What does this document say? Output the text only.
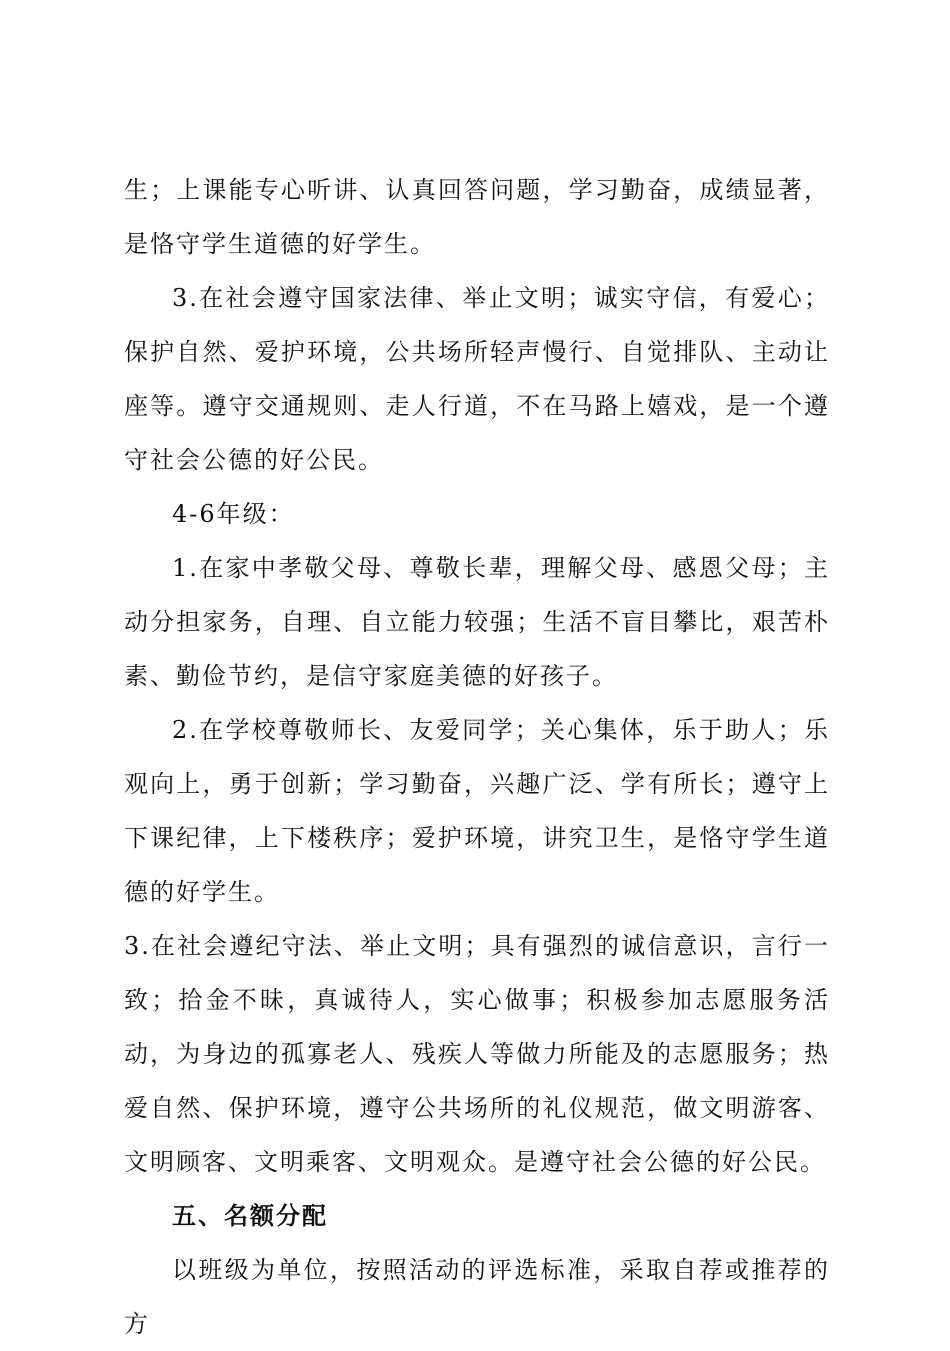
生；上课能专心听讲、认真回答问题，学习勤奋，成绩显著，是恪守学生道德的好学生。

3.在社会遵守国家法律、举止文明；诚实守信，有爱心；保护自然、爱护环境，公共场所轻声慢行、自觉排队、主动让座等。遵守交通规则、走人行道，不在马路上嬉戏，是一个遵守社会公德的好公民。

4-6年级：

1.在家中孝敬父母、尊敬长辈，理解父母、感恩父母；主动分担家务，自理、自立能力较强；生活不盲目攀比，艰苦朴素、勤俭节约，是信守家庭美德的好孩子。

2.在学校尊敬师长、友爱同学；关心集体，乐于助人；乐观向上，勇于创新；学习勤奋，兴趣广泛、学有所长；遵守上下课纪律，上下楼秩序；爱护环境，讲究卫生，是恪守学生道德的好学生。

3.在社会遵纪守法、举止文明；具有强烈的诚信意识，言行一致；拾金不昧，真诚待人，实心做事；积极参加志愿服务活动，为身边的孤寡老人、残疾人等做力所能及的志愿服务；热爱自然、保护环境，遵守公共场所的礼仪规范，做文明游客、文明顾客、文明乘客、文明观众。是遵守社会公德的好公民。

五、名额分配

以班级为单位，按照活动的评选标准，采取自荐或推荐的方
